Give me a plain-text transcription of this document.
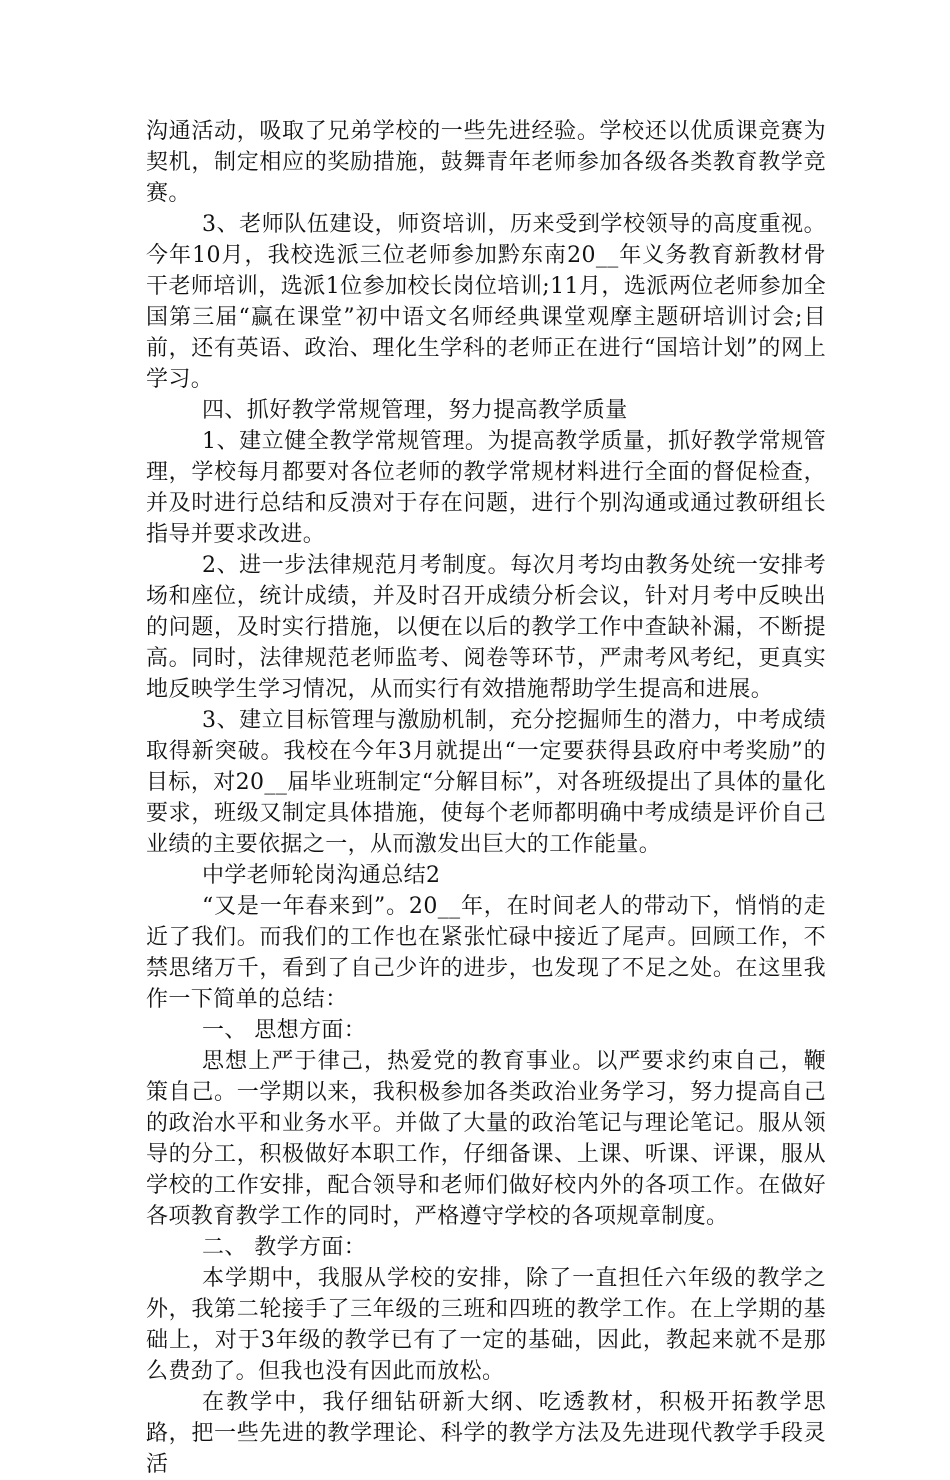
沟通活动，吸取了兄弟学校的一些先进经验。学校还以优质课竞赛为契机，制定相应的奖励措施，鼓舞青年老师参加各级各类教育教学竞赛。

3、老师队伍建设，师资培训，历来受到学校领导的高度重视。今年10月，我校选派三位老师参加黔东南20__年义务教育新教材骨干老师培训，选派1位参加校长岗位培训;11月，选派两位老师参加全国第三届“赢在课堂”初中语文名师经典课堂观摩主题研培训讨会;目前，还有英语、政治、理化生学科的老师正在进行“国培计划”的网上学习。

四、抓好教学常规管理，努力提高教学质量

1、建立健全教学常规管理。为提高教学质量，抓好教学常规管理，学校每月都要对各位老师的教学常规材料进行全面的督促检查，并及时进行总结和反溃对于存在问题，进行个别沟通或通过教研组长指导并要求改进。

2、进一步法律规范月考制度。每次月考均由教务处统一安排考场和座位，统计成绩，并及时召开成绩分析会议，针对月考中反映出的问题，及时实行措施，以便在以后的教学工作中查缺补漏，不断提高。同时，法律规范老师监考、阅卷等环节，严肃考风考纪，更真实地反映学生学习情况，从而实行有效措施帮助学生提高和进展。

3、建立目标管理与激励机制，充分挖掘师生的潜力，中考成绩取得新突破。我校在今年3月就提出“一定要获得县政府中考奖励”的目标，对20__届毕业班制定“分解目标”，对各班级提出了具体的量化要求，班级又制定具体措施，使每个老师都明确中考成绩是评价自己业绩的主要依据之一，从而激发出巨大的工作能量。

中学老师轮岗沟通总结2

“又是一年春来到”。20__年，在时间老人的带动下，悄悄的走近了我们。而我们的工作也在紧张忙碌中接近了尾声。回顾工作，不禁思绪万千，看到了自己少许的进步，也发现了不足之处。在这里我作一下简单的总结：

一、 思想方面：

思想上严于律己，热爱党的教育事业。以严要求约束自己，鞭策自己。一学期以来，我积极参加各类政治业务学习，努力提高自己的政治水平和业务水平。并做了大量的政治笔记与理论笔记。服从领导的分工，积极做好本职工作，仔细备课、上课、听课、评课，服从学校的工作安排，配合领导和老师们做好校内外的各项工作。在做好各项教育教学工作的同时，严格遵守学校的各项规章制度。

二、 教学方面：

本学期中，我服从学校的安排，除了一直担任六年级的教学之外，我第二轮接手了三年级的三班和四班的教学工作。在上学期的基础上，对于3年级的教学已有了一定的基础，因此，教起来就不是那么费劲了。但我也没有因此而放松。

在教学中，我仔细钻研新大纲、吃透教材，积极开拓教学思路，把一些先进的教学理论、科学的教学方法及先进现代教学手段灵活
